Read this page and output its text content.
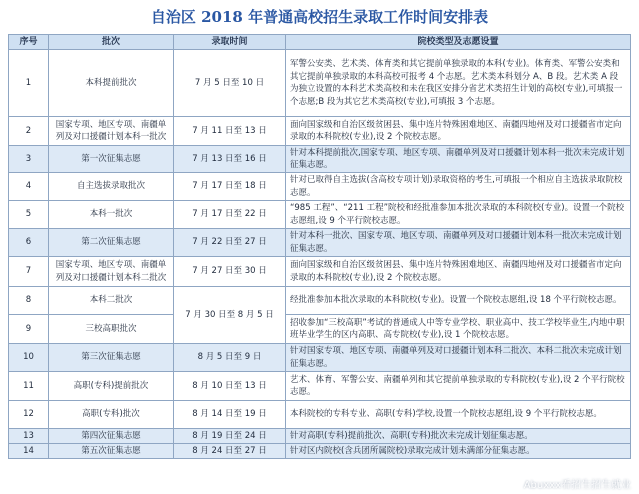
自治区 2018 年普通高校招生录取工作时间安排表
序号	批次	录取时间	院校类型及志愿设置
1	本科提前批次	7 月 5 日至 10 日	军警公安类、艺术类、体育类和其它提前单独录取的本科(专业)。体育类、军警公安类和其它提前单独录取的本科高校可报考 4 个志愿。艺术类本科划分 A、B 段。艺术类 A 段为独立设置的本科艺术类高校和未在我区安排分省艺术类招生计划的高校(专业),可填报一个志愿;B 段为其它艺术类高校(专业),可填报 3 个志愿。
2	国家专项、地区专项、南疆单列及对口援疆计划本科一批次	7 月 11 日至 13 日	面向国家级和自治区级贫困县、集中连片特殊困难地区、南疆四地州及对口援疆省市定向录取的本科院校(专业),设 2 个院校志愿。
3	第一次征集志愿	7 月 13 日至 16 日	针对本科提前批次,国家专项、地区专项、南疆单列及对口援疆计划本科一批次未完成计划征集志愿。
4	自主选拔录取批次	7 月 17 日至 18 日	针对已取得自主选拔(含高校专项计划)录取资格的考生,可填报一个相应自主选拔录取院校志愿。
5	本科一批次	7 月 17 日至 22 日	“985 工程”、“211 工程”院校和经批准参加本批次录取的本科院校(专业)。设置一个院校志愿组,设 9 个平行院校志愿。
6	第二次征集志愿	7 月 22 日至 27 日	针对本科一批次、国家专项、地区专项、南疆单列及对口援疆计划本科一批次未完成计划征集志愿。
7	国家专项、地区专项、南疆单列及对口援疆计划本科二批次	7 月 27 日至 30 日	面向国家级和自治区级贫困县、集中连片特殊困难地区、南疆四地州及对口援疆省市定向录取的本科院校(专业),设 2 个院校志愿。
8	本科二批次	7 月 30 日至 8 月 5 日	经批准参加本批次录取的本科院校(专业)。设置一个院校志愿组,设 18 个平行院校志愿。
9	三校高职批次		招收参加“三校高职”考试的普通成人中等专业学校、职业高中、技工学校毕业生,内地中职班毕业学生的区内高职、高专院校(专业),设 1 个院校志愿。
10	第三次征集志愿	8 月 5 日至 9 日	针对国家专项、地区专项、南疆单列及对口援疆计划本科二批次、本科二批次未完成计划征集志愿。
11	高职(专科)提前批次	8 月 10 日至 13 日	艺术、体育、军警公安、南疆单列和其它提前单独录取的专科院校(专业),设 2 个平行院校志愿。
12	高职(专科)批次	8 月 14 日至 19 日	本科院校的专科专业、高职(专科)学校,设置一个院校志愿组,设 9 个平行院校志愿。
13	第四次征集志愿	8 月 19 日至 24 日	针对高职(专科)提前批次、高职(专科)批次未完成计划征集志愿。
14	第五次征集志愿	8 月 24 日至 27 日	针对区内院校(含兵团所属院校)录取完成计划未满部分征集志愿。
Abuxxx看招生招生就业
